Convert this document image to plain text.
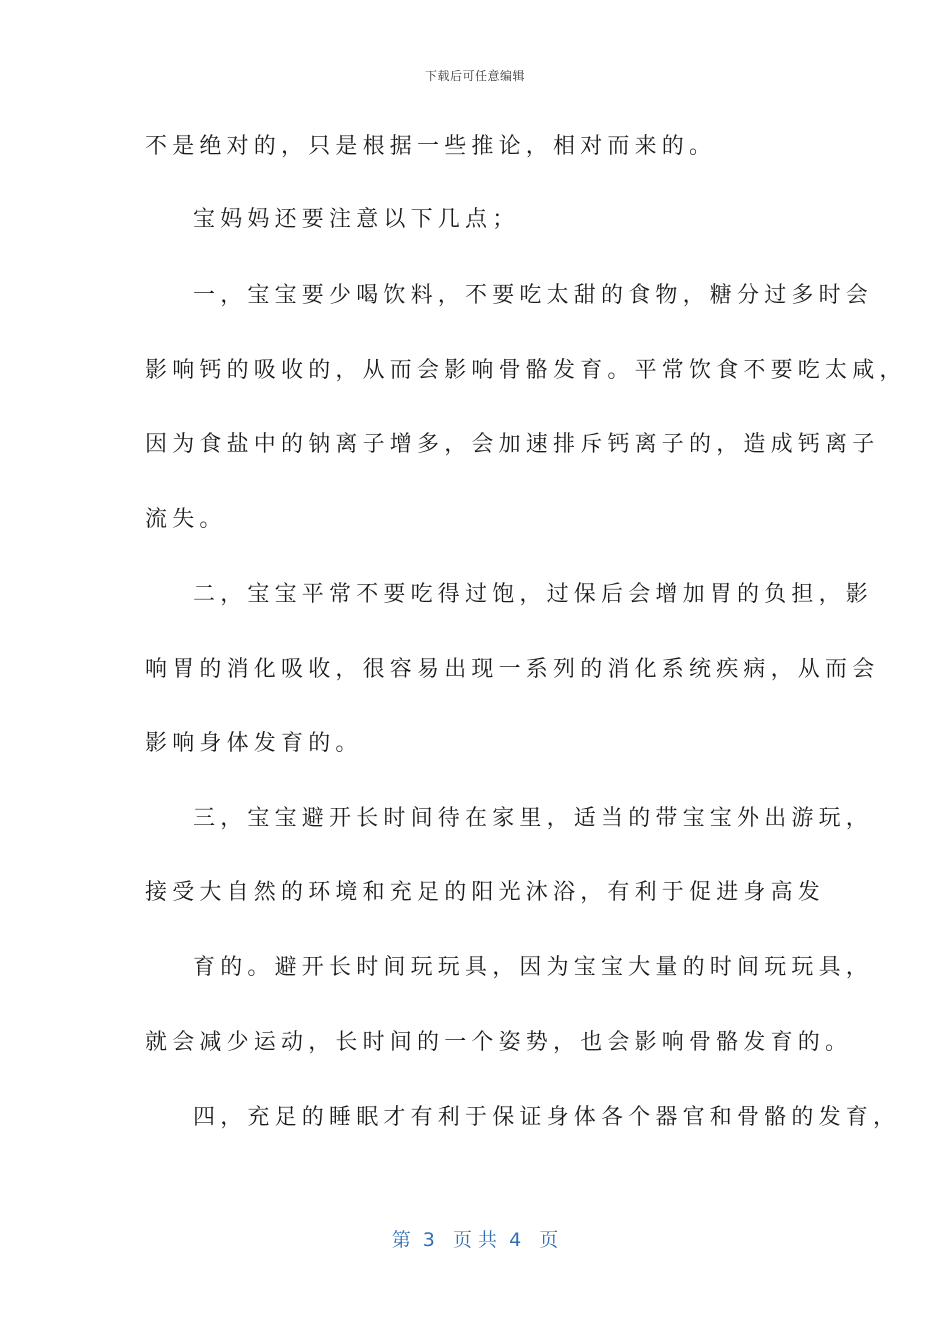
下载后可任意编辑
不是绝对的，只是根据一些推论，相对而来的。
宝妈妈还要注意以下几点；
一，宝宝要少喝饮料，不要吃太甜的食物，糖分过多时会
影响钙的吸收的，从而会影响骨骼发育。平常饮食不要吃太咸，
因为食盐中的钠离子增多，会加速排斥钙离子的，造成钙离子
流失。
二，宝宝平常不要吃得过饱，过保后会增加胃的负担，影
响胃的消化吸收，很容易出现一系列的消化系统疾病，从而会
影响身体发育的。
三，宝宝避开长时间待在家里，适当的带宝宝外出游玩，
接受大自然的环境和充足的阳光沐浴，有利于促进身高发
育的。避开长时间玩玩具，因为宝宝大量的时间玩玩具，
就会减少运动，长时间的一个姿势，也会影响骨骼发育的。
四，充足的睡眠才有利于保证身体各个器官和骨骼的发育，
第  3   页 共  4   页
